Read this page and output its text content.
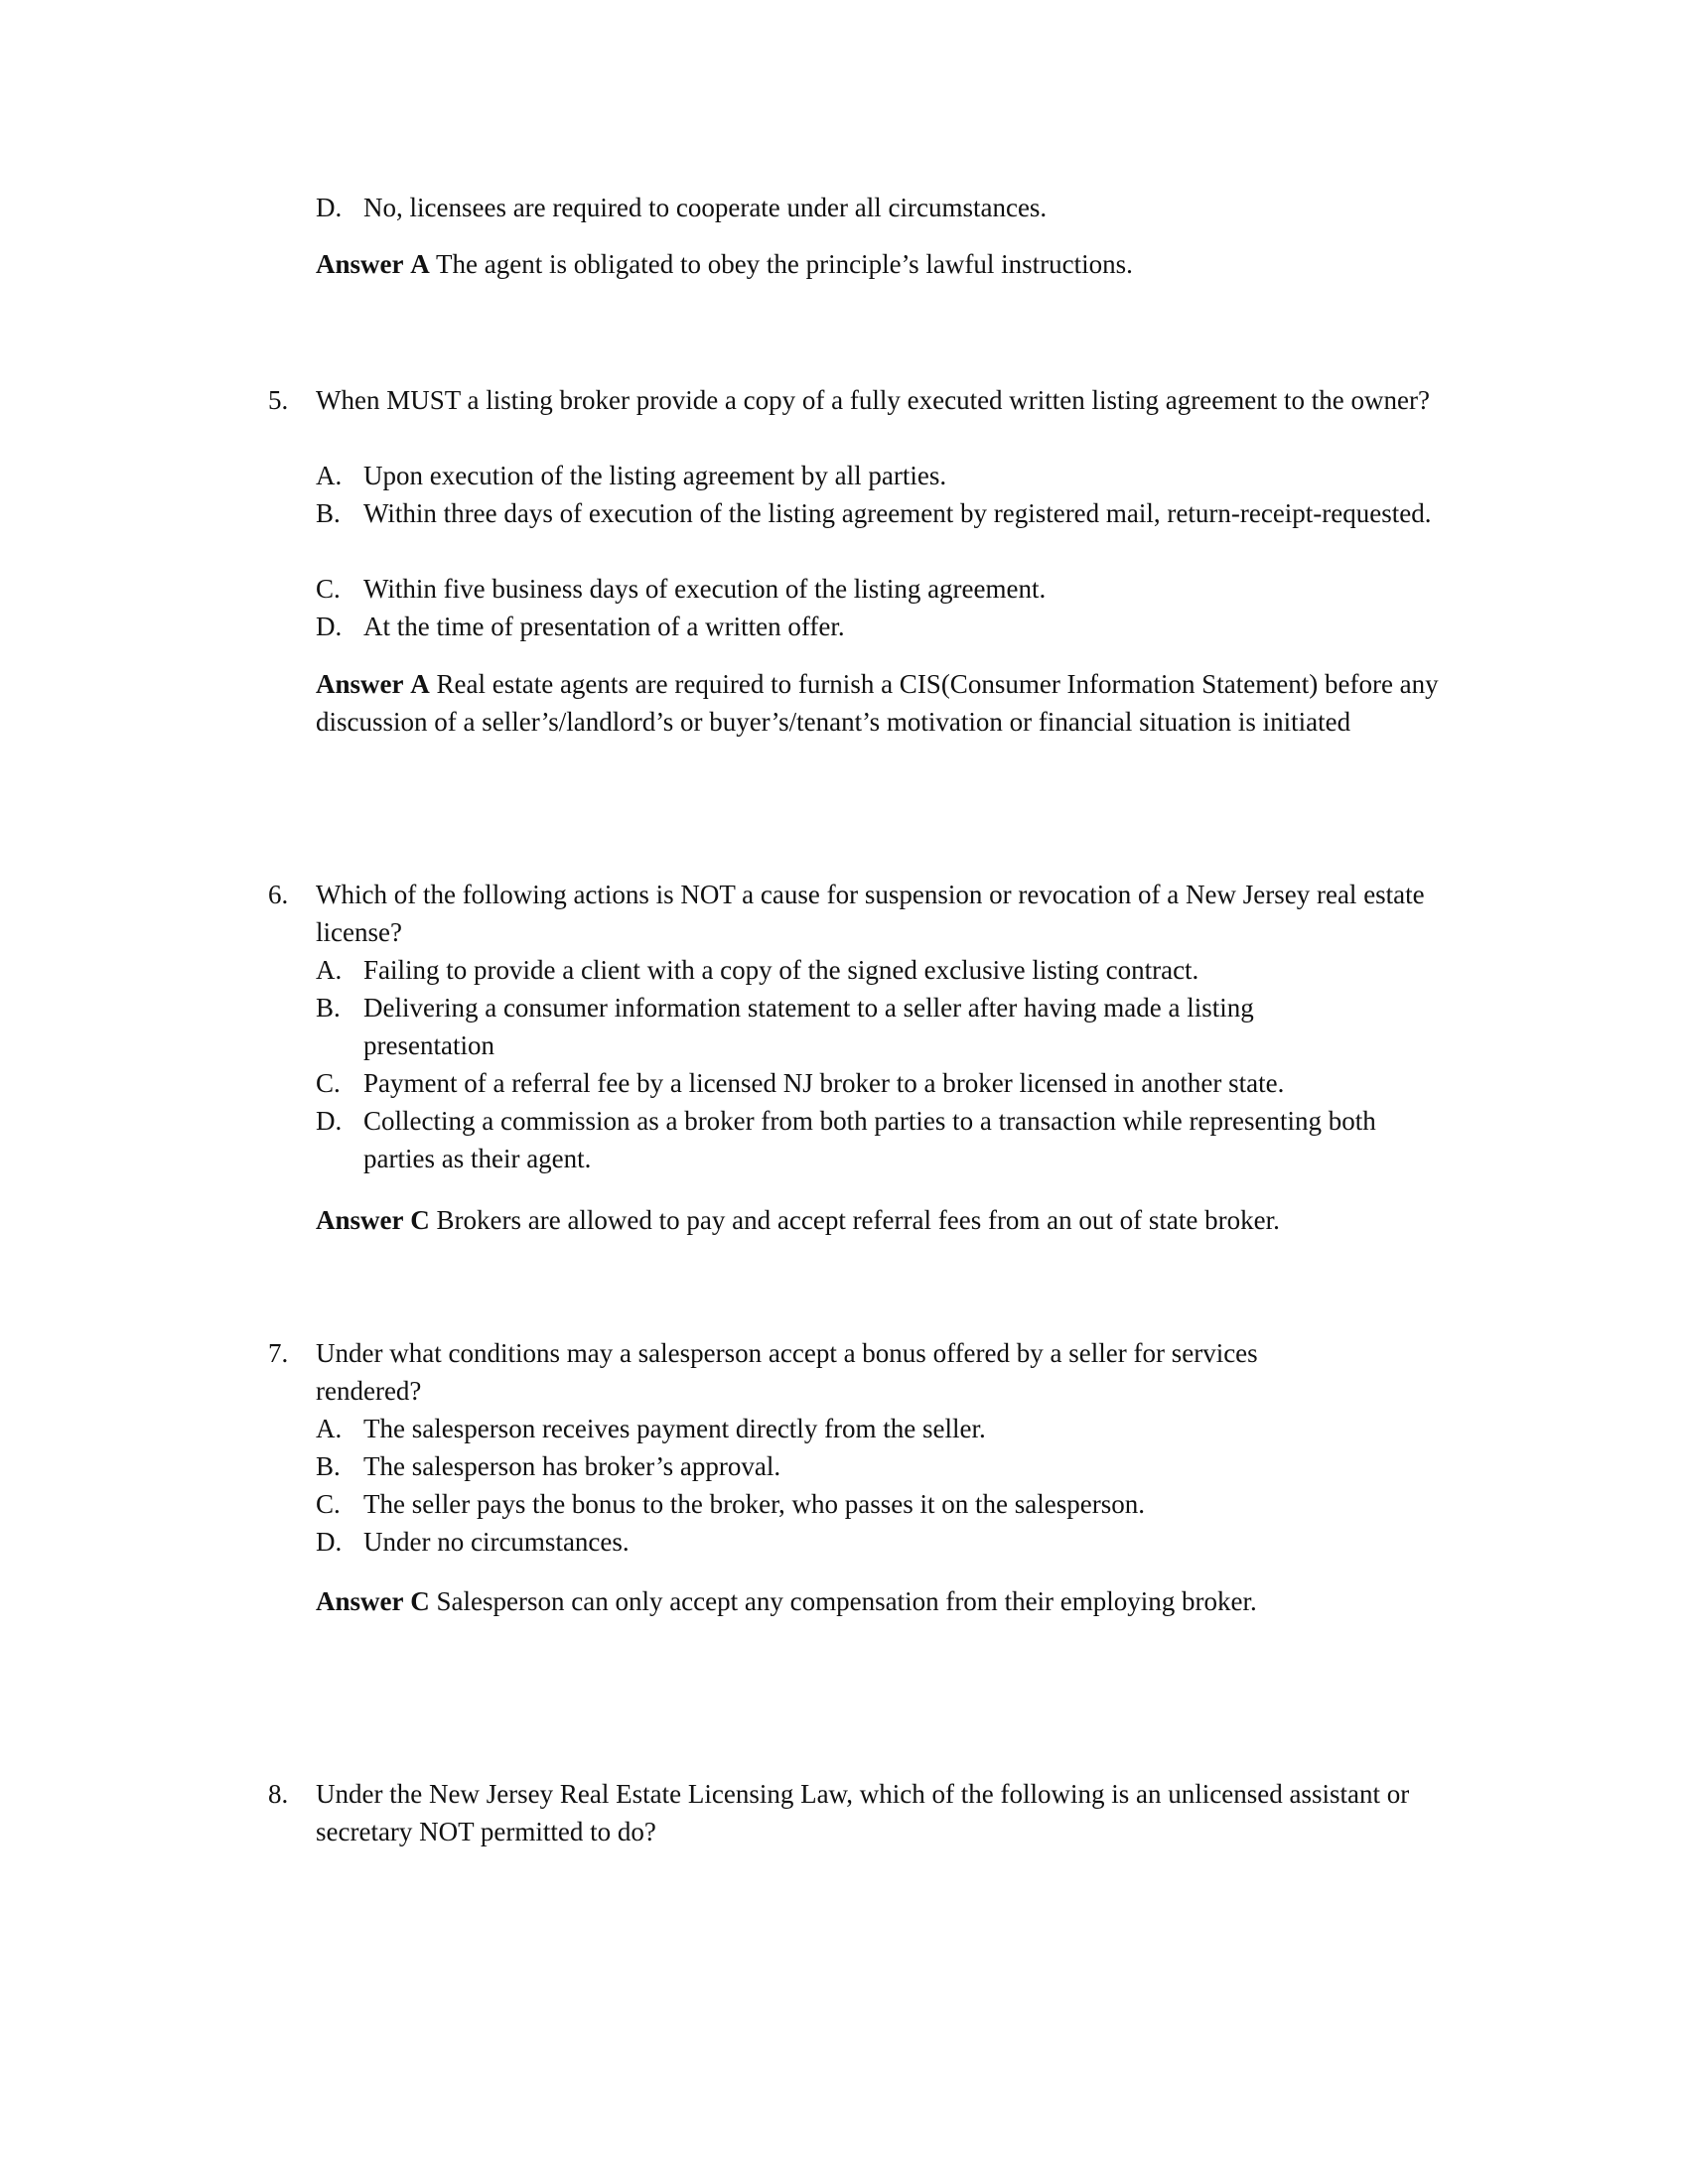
D. No, licensees are required to cooperate under all circumstances.
Answer A The agent is obligated to obey the principle’s lawful instructions.
5. When MUST a listing broker provide a copy of a fully executed written listing agreement to the owner?
A. Upon execution of the listing agreement by all parties.
B. Within three days of execution of the listing agreement by registered mail, return-receipt-requested.
C. Within five business days of execution of the listing agreement.
D. At the time of presentation of a written offer.
Answer A Real estate agents are required to furnish a CIS(Consumer Information Statement) before any discussion of a seller’s/landlord’s or buyer’s/tenant’s motivation or financial situation is initiated
6. Which of the following actions is NOT a cause for suspension or revocation of a New Jersey real estate license?
A. Failing to provide a client with a copy of the signed exclusive listing contract.
B. Delivering a consumer information statement to a seller after having made a listing presentation
C. Payment of a referral fee by a licensed NJ broker to a broker licensed in another state.
D. Collecting a commission as a broker from both parties to a transaction while representing both parties as their agent.
Answer C Brokers are allowed to pay and accept referral fees from an out of state broker.
7. Under what conditions may a salesperson accept a bonus offered by a seller for services rendered?
A. The salesperson receives payment directly from the seller.
B. The salesperson has broker’s approval.
C. The seller pays the bonus to the broker, who passes it on the salesperson.
D. Under no circumstances.
Answer C Salesperson can only accept any compensation from their employing broker.
8. Under the New Jersey Real Estate Licensing Law, which of the following is an unlicensed assistant or secretary NOT permitted to do?
